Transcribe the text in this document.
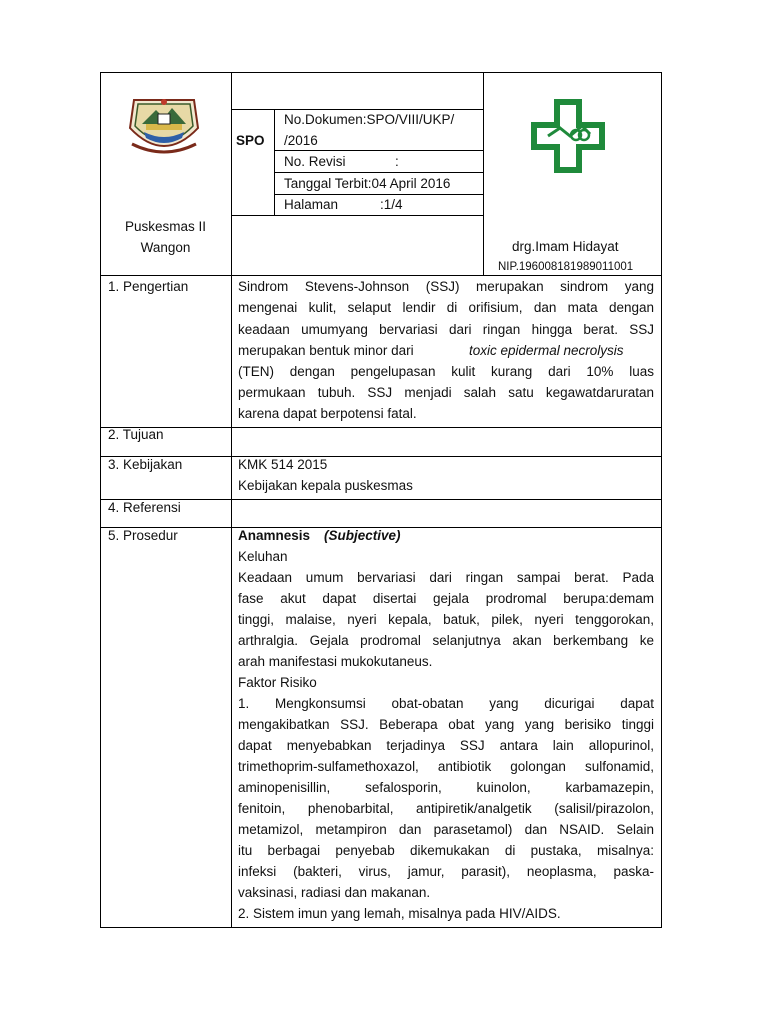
SPO
No.Dokumen:SPO/VIII/UKP/
/2016
No. Revisi	:
Tanggal Terbit:04 April 2016
Halaman	:1/4
Puskesmas II
Wangon	drg.Imam Hidayat
NIP.196008181989011001
1. Pengertian	Sindrom Stevens-Johnson (SSJ) merupakan sindrom yang
mengenai kulit, selaput lendir di orifisium, dan mata dengan
keadaan umumyang bervariasi dari ringan hingga berat. SSJ
merupakan bentuk minor dari	toxic epidermal necrolysis
(TEN) dengan pengelupasan kulit kurang dari 10% luas
permukaan tubuh. SSJ menjadi salah satu kegawatdaruratan
karena dapat berpotensi fatal.
2. Tujuan
3. Kebijakan	KMK 514 2015
Kebijakan kepala puskesmas
4. Referensi
5. Prosedur	Anamnesis (Subjective)
Keluhan
Keadaan umum bervariasi dari ringan sampai berat. Pada
fase akut dapat disertai gejala prodromal berupa:demam
tinggi, malaise, nyeri kepala, batuk, pilek, nyeri tenggorokan,
arthralgia. Gejala prodromal selanjutnya akan berkembang ke
arah manifestasi mukokutaneus.
Faktor Risiko
1.   Mengkonsumsi   obat-obatan   yang   dicurigai   dapat
mengakibatkan SSJ. Beberapa obat yang yang berisiko tinggi
dapat menyebabkan terjadinya SSJ antara lain allopurinol,
trimethoprim-sulfamethoxazol, antibiotik golongan sulfonamid,
aminopenisillin, sefalosporin, kuinolon, karbamazepin,
fenitoin, phenobarbital, antipiretik/analgetik (salisil/pirazolon,
metamizol, metampiron dan parasetamol) dan NSAID. Selain
itu berbagai penyebab dikemukakan di pustaka, misalnya:
infeksi (bakteri, virus, jamur, parasit), neoplasma, paska-
vaksinasi, radiasi dan makanan.
2. Sistem imun yang lemah, misalnya pada HIV/AIDS.
